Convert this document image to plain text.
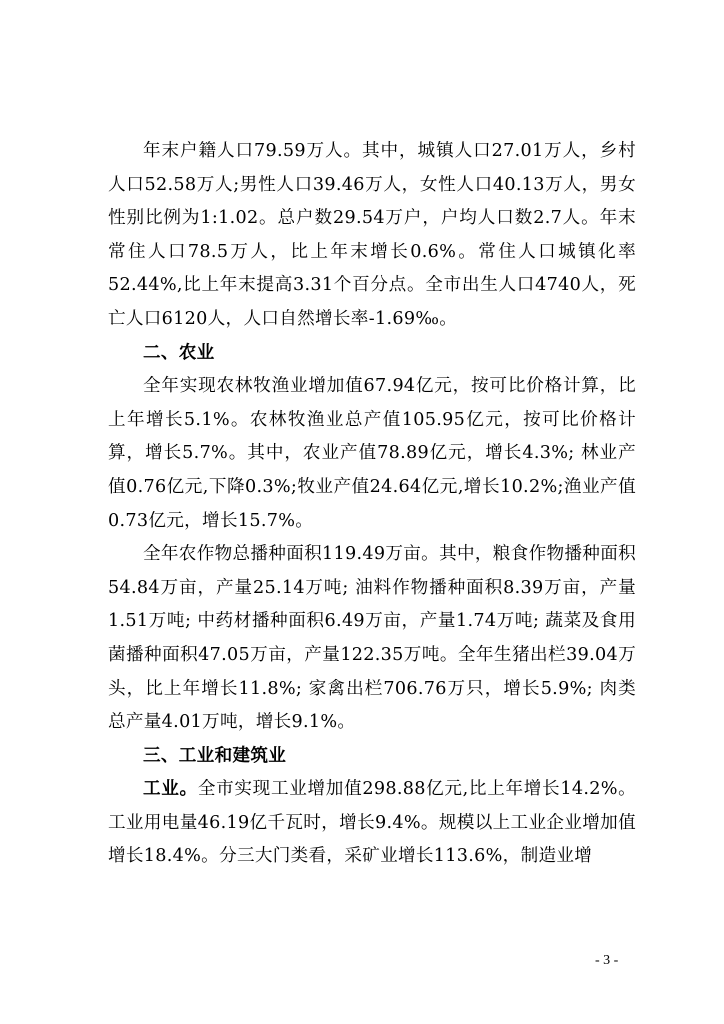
年末户籍人口79.59万人。其中，城镇人口27.01万人，乡村人口52.58万人;男性人口39.46万人，女性人口40.13万人，男女性别比例为1:1.02。总户数29.54万户，户均人口数2.7人。年末常住人口78.5万人，比上年末增长0.6%。常住人口城镇化率52.44%,比上年末提高3.31个百分点。全市出生人口4740人，死亡人口6120人，人口自然增长率-1.69‰。

二、农业

全年实现农林牧渔业增加值67.94亿元，按可比价格计算，比上年增长5.1%。农林牧渔业总产值105.95亿元，按可比价格计算，增长5.7%。其中，农业产值78.89亿元，增长4.3%; 林业产值0.76亿元,下降0.3%;牧业产值24.64亿元,增长10.2%;渔业产值0.73亿元，增长15.7%。

全年农作物总播种面积119.49万亩。其中，粮食作物播种面积54.84万亩，产量25.14万吨; 油料作物播种面积8.39万亩，产量1.51万吨; 中药材播种面积6.49万亩，产量1.74万吨; 蔬菜及食用菌播种面积47.05万亩，产量122.35万吨。全年生猪出栏39.04万头，比上年增长11.8%; 家禽出栏706.76万只，增长5.9%; 肉类总产量4.01万吨，增长9.1%。

三、工业和建筑业

工业。全市实现工业增加值298.88亿元,比上年增长14.2%。工业用电量46.19亿千瓦时，增长9.4%。规模以上工业企业增加值增长18.4%。分三大门类看，采矿业增长113.6%，制造业增

- 3 -
